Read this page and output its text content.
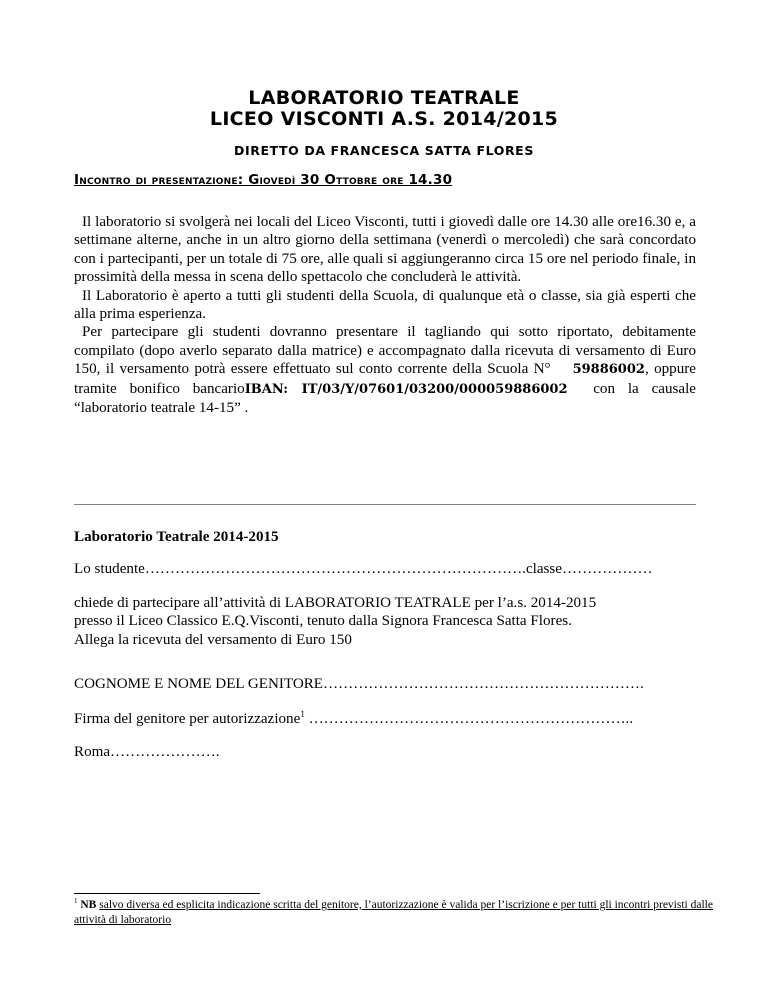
LABORATORIO TEATRALE
LICEO VISCONTI A.S. 2014/2015
DIRETTO DA FRANCESCA SATTA FLORES
Incontro di presentazione: Giovedì 30 Ottobre ore 14.30

Il laboratorio si svolgerà nei locali del Liceo Visconti, tutti i giovedì dalle ore 14.30 alle ore16.30 e, a settimane alterne, anche in un altro giorno della settimana (venerdì o mercoledì) che sarà concordato con i partecipanti, per un totale di 75 ore, alle quali si aggiungeranno circa 15 ore nel periodo finale, in prossimità della messa in scena dello spettacolo che concluderà le attività.

Il Laboratorio è aperto a tutti gli studenti della Scuola, di qualunque età o classe, sia già esperti che alla prima esperienza.

Per partecipare gli studenti dovranno presentare il tagliando qui sotto riportato, debitamente compilato (dopo averlo separato dalla matrice) e accompagnato dalla ricevuta di versamento di Euro 150, il versamento potrà essere effettuato sul conto corrente della Scuola N° 59886002, oppure tramite bonifico bancarioIBAN: IT/03/Y/07601/03200/000059886002 con la causale “laboratorio teatrale 14-15” .

Laboratorio Teatrale 2014-2015
Lo studente………………………………………………………………….classe………………
chiede di partecipare all’attività di LABORATORIO TEATRALE per l’a.s. 2014-2015
presso il Liceo Classico E.Q.Visconti, tenuto dalla Signora Francesca Satta Flores.
Allega la ricevuta del versamento di Euro 150
COGNOME E NOME DEL GENITORE……………………………………………………….
Firma del genitore per autorizzazione$^1$ ………………………………………………………..
Roma………………….
$^1$ NB salvo diversa ed esplicita indicazione scritta del genitore, l’autorizzazione è valida per l’iscrizione e per tutti gli incontri previsti dalle attività di laboratorio
